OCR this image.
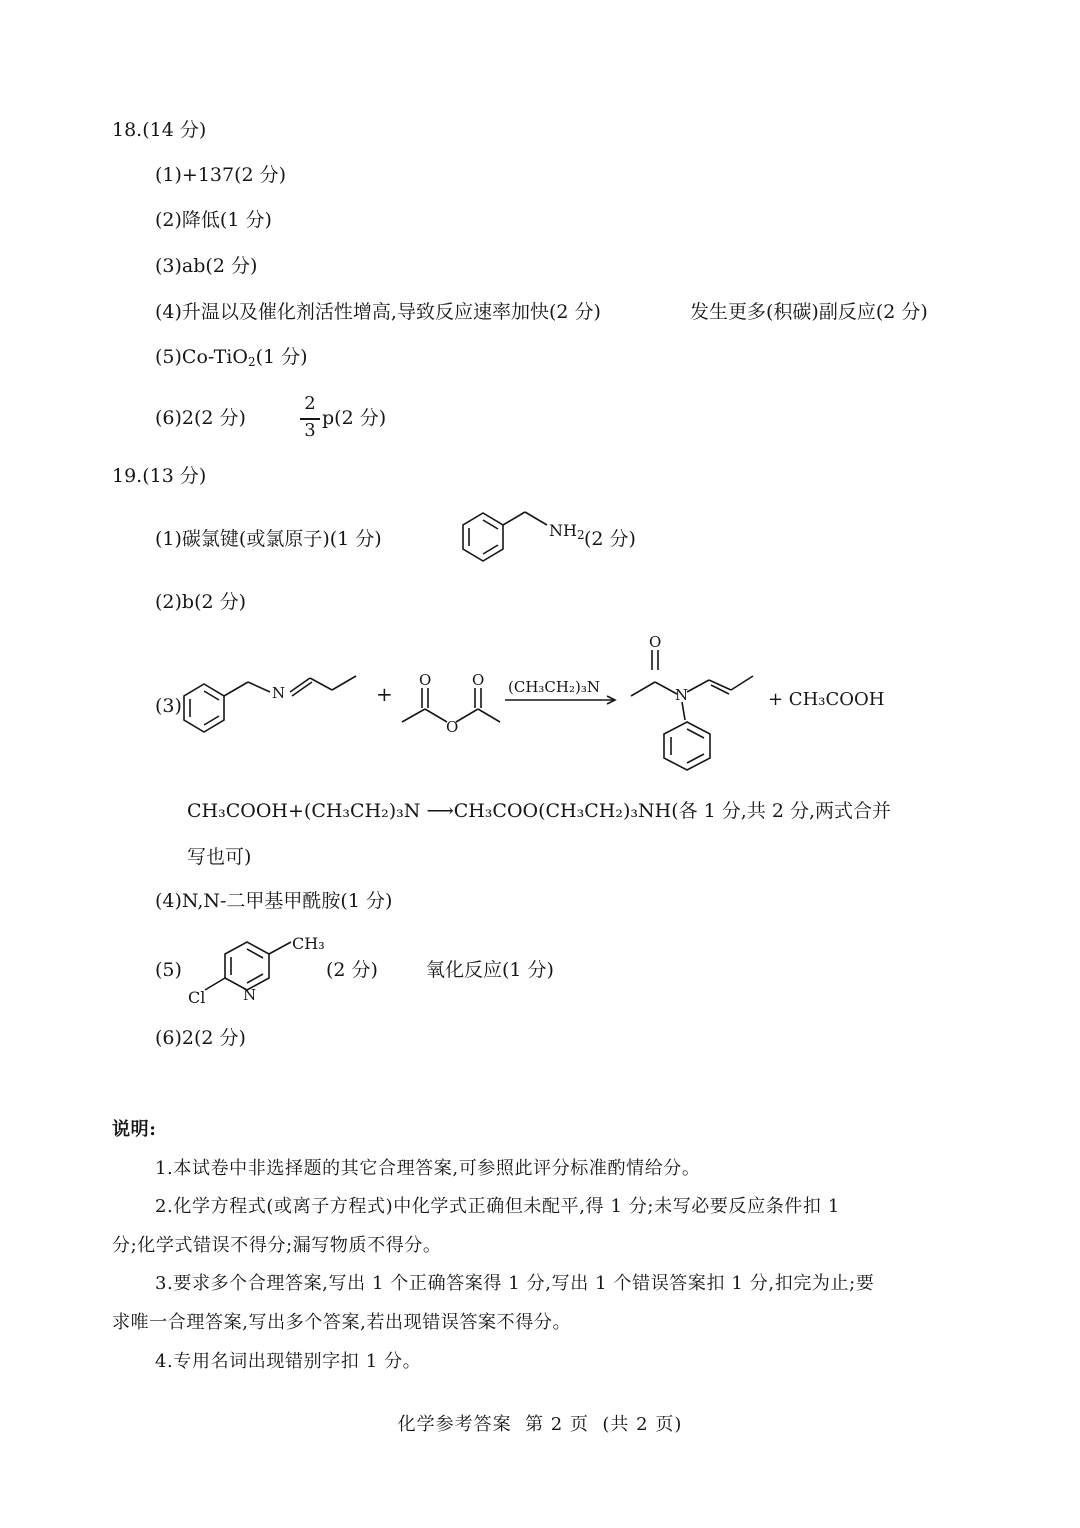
18.(14 分)
(1)+137(2 分)
(2)降低(1 分)
(3)ab(2 分)
(4)升温以及催化剂活性增高,导致反应速率加快(2 分)	发生更多(积碳)副反应(2 分)
(5)Co-TiO$_2$(1 分)
(6)2(2 分)
2
3
p(2 分)
19.(13 分)
(1)碳氯键(或氯原子)(1 分)	$NH_2$ (2 分)
(2)b(2 分)
(3)
N	+
O	O
O
(CH₃CH₂)₃N
O
N	+ CH₃COOH
CH₃COOH+(CH₃CH₂)₃N ⟶CH₃COO(CH₃CH₂)₃NH(各 1 分,共 2 分,两式合并
写也可)
(4)N,N-二甲基甲酰胺(1 分)
(5)
N
CH₃
Cl
(2 分)	氧化反应(1 分)
(6)2(2 分)
说明:
1.本试卷中非选择题的其它合理答案,可参照此评分标准酌情给分。
2.化学方程式(或离子方程式)中化学式正确但未配平,得 1 分;未写必要反应条件扣 1
分;化学式错误不得分;漏写物质不得分。
3.要求多个合理答案,写出 1 个正确答案得 1 分,写出 1 个错误答案扣 1 分,扣完为止;要
求唯一合理答案,写出多个答案,若出现错误答案不得分。
4.专用名词出现错别字扣 1 分。
化学参考答案  第 2 页  (共 2 页)
